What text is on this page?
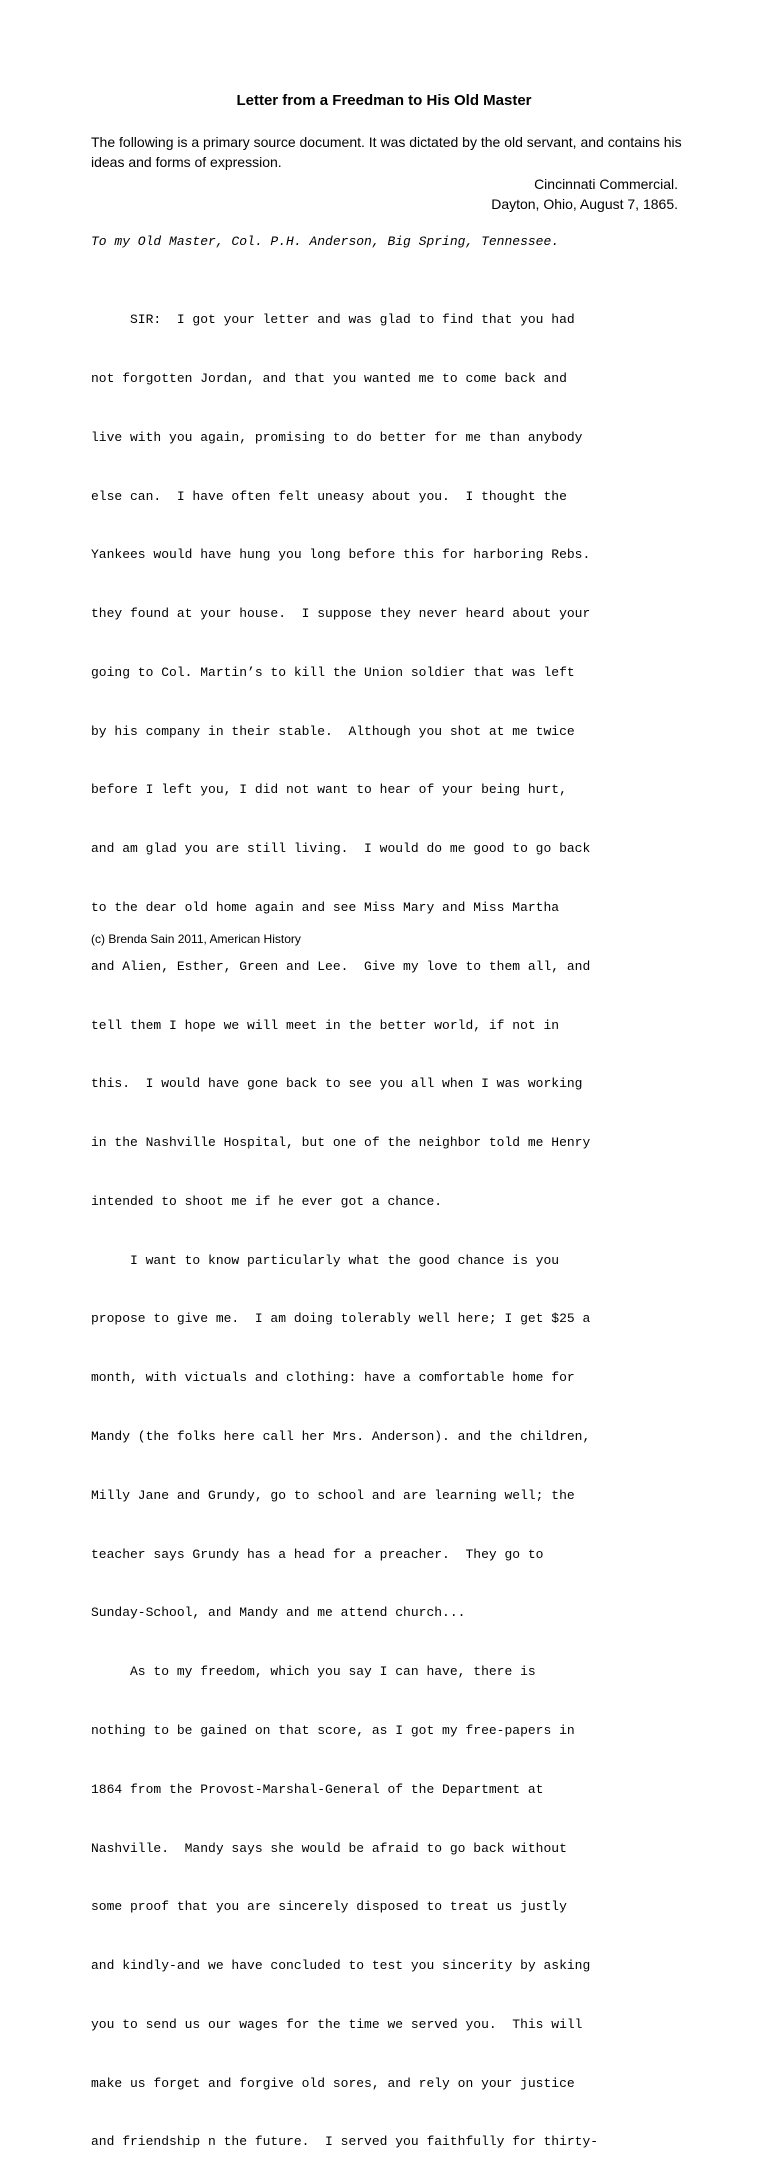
Letter from a Freedman to His Old Master

The following is a primary source document. It was dictated by the old servant, and contains his ideas and forms of expression.

Cincinnati Commercial.
Dayton, Ohio, August 7, 1865.

To my Old Master, Col. P.H. Anderson, Big Spring, Tennessee.

SIR:  I got your letter and was glad to find that you had

not forgotten Jordan, and that you wanted me to come back and

live with you again, promising to do better for me than anybody

else can.  I have often felt uneasy about you.  I thought the

Yankees would have hung you long before this for harboring Rebs.

they found at your house.  I suppose they never heard about your

going to Col. Martin’s to kill the Union soldier that was left

by his company in their stable.  Although you shot at me twice

before I left you, I did not want to hear of your being hurt,

and am glad you are still living.  I would do me good to go back

to the dear old home again and see Miss Mary and Miss Martha

and Alien, Esther, Green and Lee.  Give my love to them all, and

tell them I hope we will meet in the better world, if not in

this.  I would have gone back to see you all when I was working

in the Nashville Hospital, but one of the neighbor told me Henry

intended to shoot me if he ever got a chance.

I want to know particularly what the good chance is you

propose to give me.  I am doing tolerably well here; I get $25 a

month, with victuals and clothing: have a comfortable home for

Mandy (the folks here call her Mrs. Anderson). and the children,

Milly Jane and Grundy, go to school and are learning well; the

teacher says Grundy has a head for a preacher.  They go to

Sunday-School, and Mandy and me attend church...

As to my freedom, which you say I can have, there is

nothing to be gained on that score, as I got my free-papers in

1864 from the Provost-Marshal-General of the Department at

Nashville.  Mandy says she would be afraid to go back without

some proof that you are sincerely disposed to treat us justly

and kindly-and we have concluded to test you sincerity by asking

you to send us our wages for the time we served you.  This will

make us forget and forgive old sores, and rely on your justice

and friendship n the future.  I served you faithfully for thirty-

(c) Brenda Sain 2011, American History
